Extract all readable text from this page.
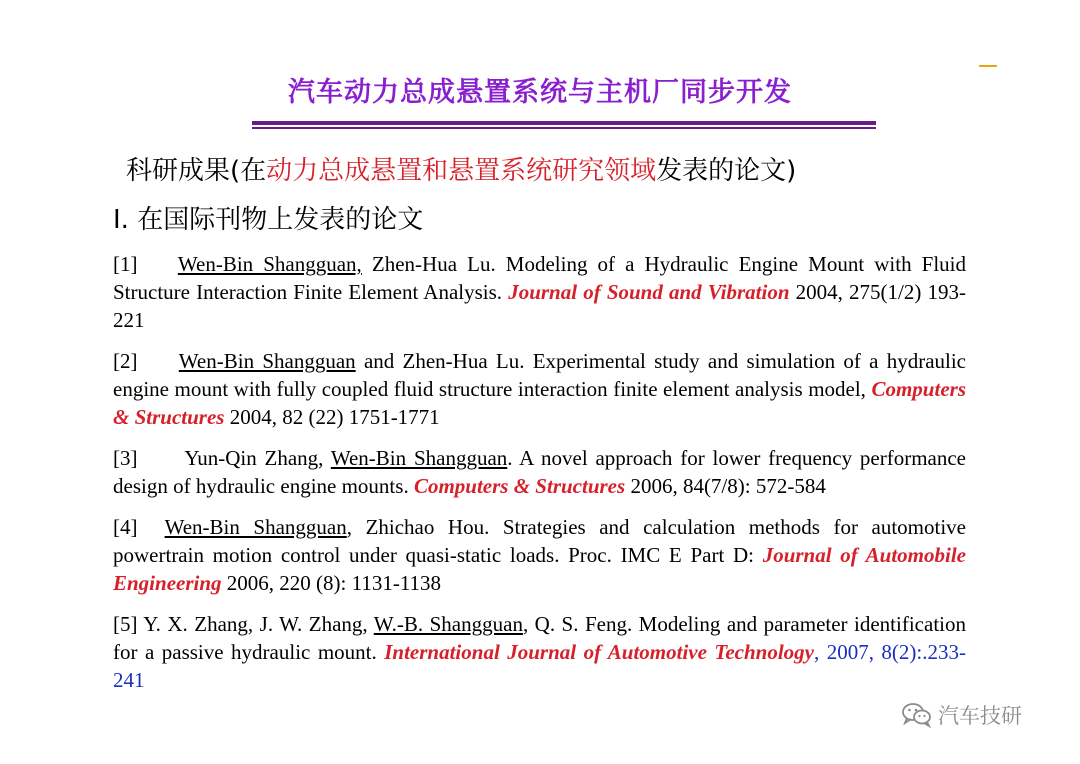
汽车动力总成悬置系统与主机厂同步开发
科研成果(在动力总成悬置和悬置系统研究领域发表的论文)
I. 在国际刊物上发表的论文
[1] Wen-Bin Shangguan, Zhen-Hua Lu. Modeling of a Hydraulic Engine Mount with Fluid Structure Interaction Finite Element Analysis. Journal of Sound and Vibration 2004, 275(1/2) 193-221
[2] Wen-Bin Shangguan and Zhen-Hua Lu. Experimental study and simulation of a hydraulic engine mount with fully coupled fluid structure interaction finite element analysis model, Computers & Structures 2004, 82 (22) 1751-1771
[3] Yun-Qin Zhang, Wen-Bin Shangguan. A novel approach for lower frequency performance design of hydraulic engine mounts. Computers & Structures 2006, 84(7/8): 572-584
[4] Wen-Bin Shangguan, Zhichao Hou. Strategies and calculation methods for automotive powertrain motion control under quasi-static loads. Proc. IMC E Part D: Journal of Automobile Engineering 2006, 220 (8): 1131-1138
[5] Y. X. Zhang, J. W. Zhang, W.-B. Shangguan, Q. S. Feng. Modeling and parameter identification for a passive hydraulic mount. International Journal of Automotive Technology, 2007, 8(2):.233-241
汽车技研
